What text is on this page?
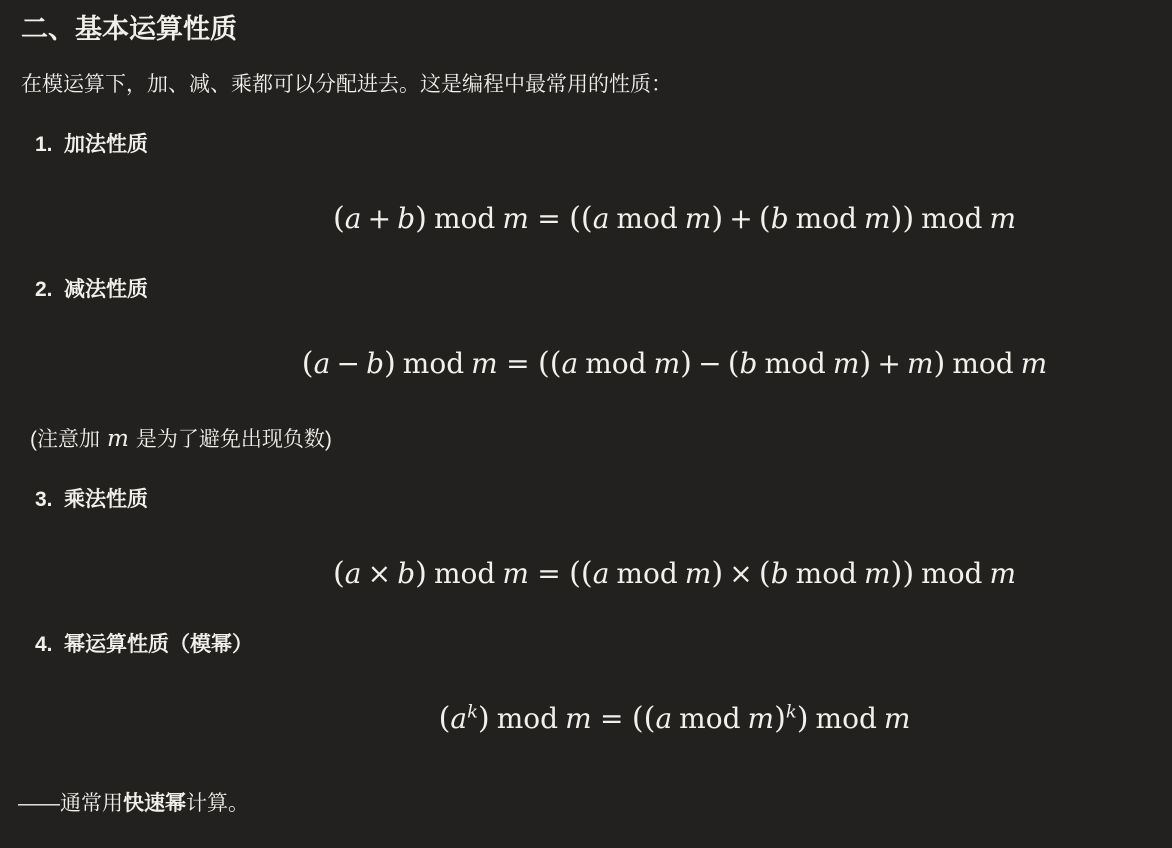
二、基本运算性质

在模运算下，加、减、乘都可以分配进去。这是编程中最常用的性质：

1. 加法性质
(a + b) mod m = ((a mod m) + (b mod m)) mod m
2. 减法性质
(a − b) mod m = ((a mod m) − (b mod m) + m) mod m

(注意加 m 是为了避免出现负数)

3. 乘法性质
(a × b) mod m = ((a mod m) × (b mod m)) mod m
4. 幂运算性质（模幂）
$(a^k)$ mod m = ((a mod m)$^k$) mod m

——通常用快速幂计算。
